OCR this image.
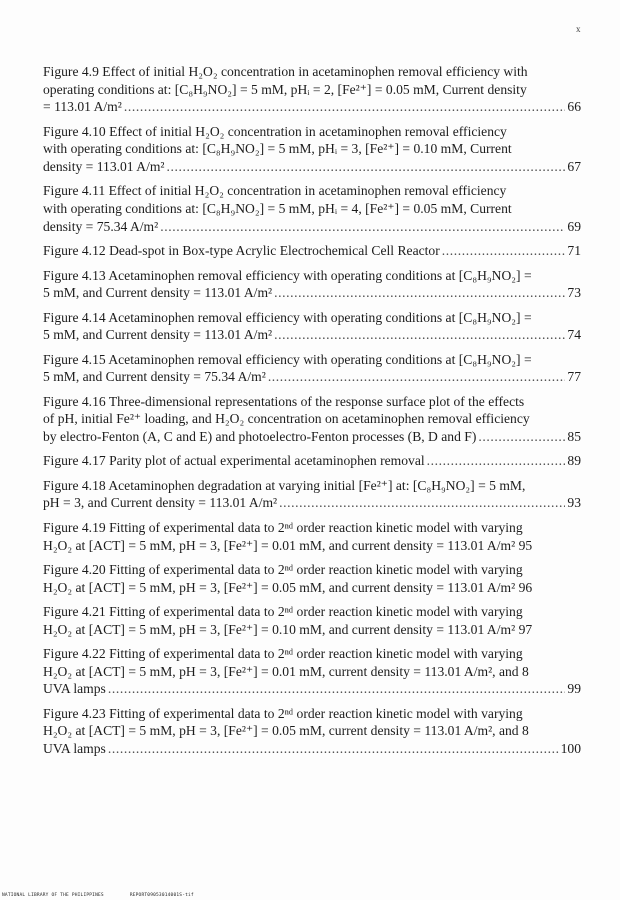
x
Figure 4.9 Effect of initial H₂O₂ concentration in acetaminophen removal efficiency with
operating conditions at: [C₈H₉NO₂] = 5 mM, pHᵢ = 2, [Fe²⁺] = 0.05 mM, Current density
= 113.01 A/m² .....	66
Figure 4.10 Effect of initial H₂O₂ concentration in acetaminophen removal efficiency
with operating conditions at: [C₈H₉NO₂] = 5 mM, pHᵢ = 3, [Fe²⁺] = 0.10 mM, Current
density = 113.01 A/m² .....	67
Figure 4.11 Effect of initial H₂O₂ concentration in acetaminophen removal efficiency
with operating conditions at: [C₈H₉NO₂] = 5 mM, pHᵢ = 4, [Fe²⁺] = 0.05 mM, Current
density = 75.34 A/m² .....	69
Figure 4.12 Dead-spot in Box-type Acrylic Electrochemical Cell Reactor .....	71
Figure 4.13 Acetaminophen removal efficiency with operating conditions at [C₈H₉NO₂] =
5 mM, and Current density = 113.01 A/m² .....	73
Figure 4.14 Acetaminophen removal efficiency with operating conditions at [C₈H₉NO₂] =
5 mM, and Current density = 113.01 A/m² .....	74
Figure 4.15 Acetaminophen removal efficiency with operating conditions at [C₈H₉NO₂] =
5 mM, and Current density = 75.34 A/m² .....	77
Figure 4.16 Three-dimensional representations of the response surface plot of the effects
of pH, initial Fe²⁺ loading, and H₂O₂ concentration on acetaminophen removal efficiency
by electro-Fenton (A, C and E) and photoelectro-Fenton processes (B, D and F) .....	85
Figure 4.17 Parity plot of actual experimental acetaminophen removal .....	89
Figure 4.18 Acetaminophen degradation at varying initial [Fe²⁺] at: [C₈H₉NO₂] = 5 mM,
pH = 3, and Current density = 113.01 A/m² .....	93
Figure 4.19 Fitting of experimental data to 2ⁿᵈ order reaction kinetic model with varying
H₂O₂ at [ACT] = 5 mM, pH = 3, [Fe²⁺] = 0.01 mM, and current density = 113.01 A/m² 95
Figure 4.20 Fitting of experimental data to 2ⁿᵈ order reaction kinetic model with varying
H₂O₂ at [ACT] = 5 mM, pH = 3, [Fe²⁺] = 0.05 mM, and current density = 113.01 A/m² 96
Figure 4.21 Fitting of experimental data to 2ⁿᵈ order reaction kinetic model with varying
H₂O₂ at [ACT] = 5 mM, pH = 3, [Fe²⁺] = 0.10 mM, and current density = 113.01 A/m² 97
Figure 4.22 Fitting of experimental data to 2ⁿᵈ order reaction kinetic model with varying
H₂O₂ at [ACT] = 5 mM, pH = 3, [Fe²⁺] = 0.01 mM, current density = 113.01 A/m², and 8
UVA lamps .....	99
Figure 4.23 Fitting of experimental data to 2ⁿᵈ order reaction kinetic model with varying
H₂O₂ at [ACT] = 5 mM, pH = 3, [Fe²⁺] = 0.05 mM, current density = 113.01 A/m², and 8
UVA lamps .....	100
NATIONAL LIBRARY OF THE PHILIPPINES	REPORT09053014001S-tif
